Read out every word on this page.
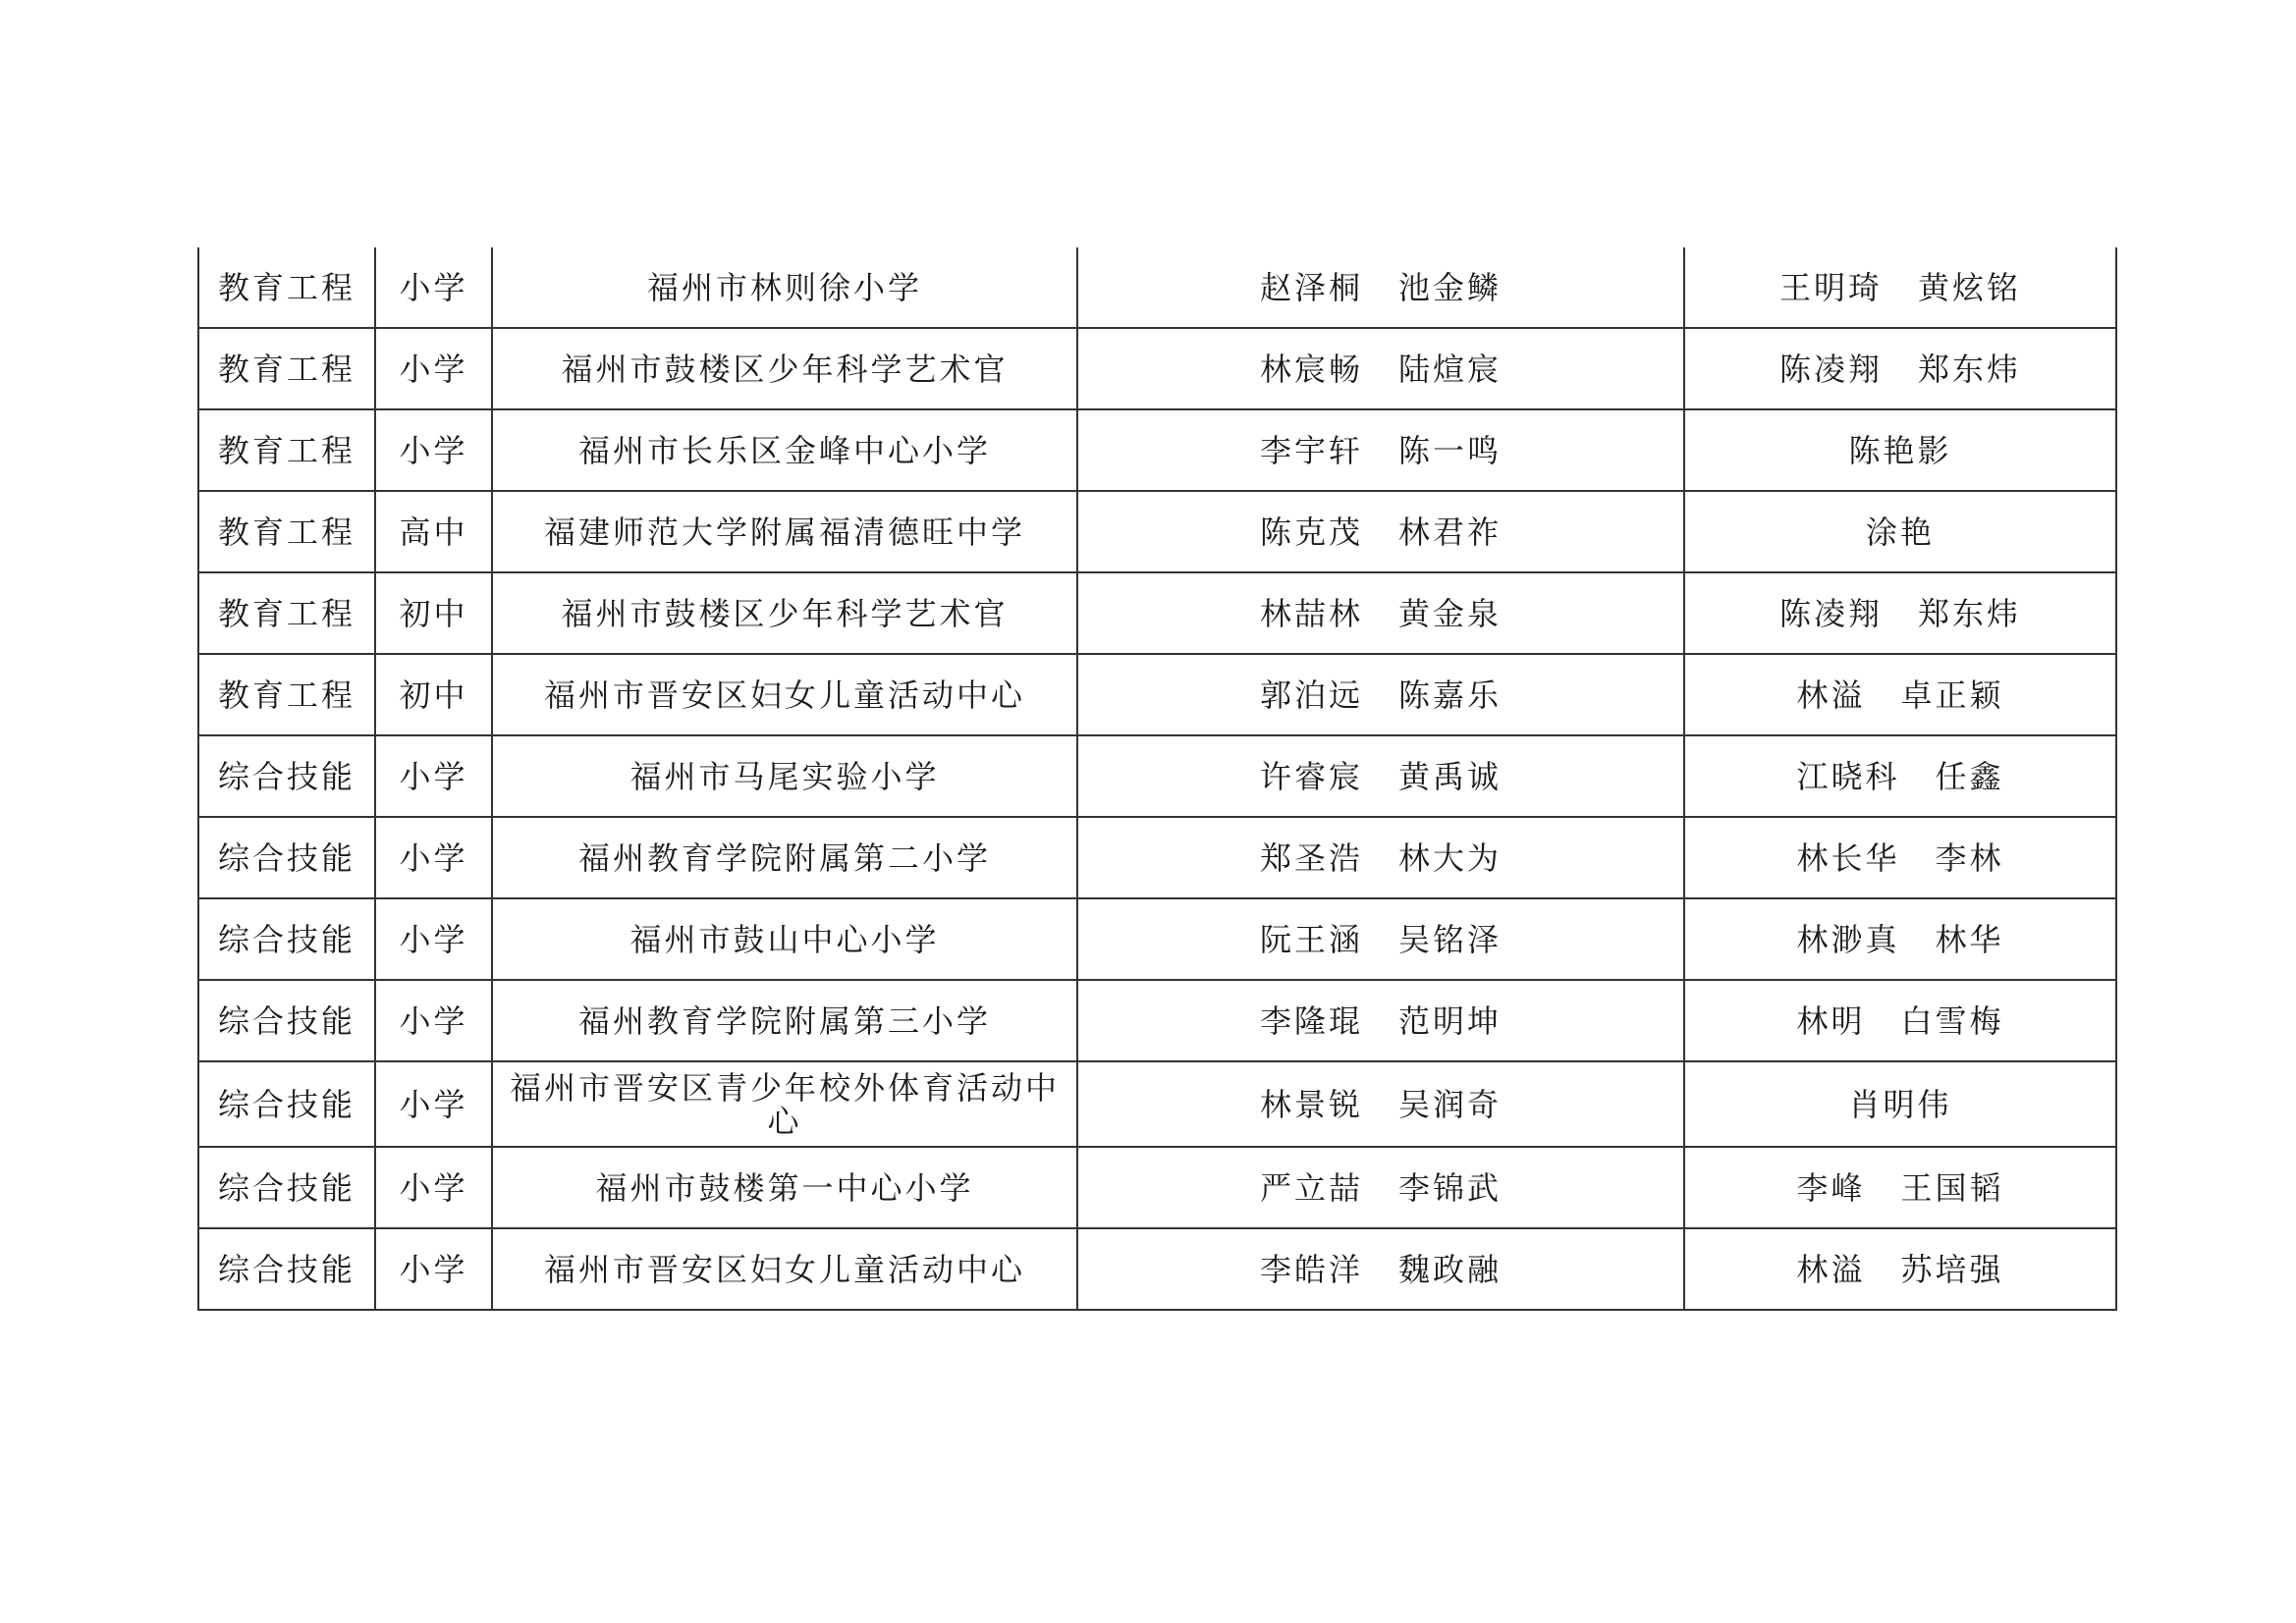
教育工程	小学	福州市林则徐小学	赵泽桐 池金鳞	王明琦 黄炫铭
教育工程	小学	福州市鼓楼区少年科学艺术官	林宸畅 陆煊宸	陈凌翔 郑东炜
教育工程	小学	福州市长乐区金峰中心小学	李宇轩 陈一鸣	陈艳影
教育工程	高中	福建师范大学附属福清德旺中学	陈克茂 林君祚	涂艳
教育工程	初中	福州市鼓楼区少年科学艺术官	林喆林 黄金泉	陈凌翔 郑东炜
教育工程	初中	福州市晋安区妇女儿童活动中心	郭泊远 陈嘉乐	林溢 卓正颖
综合技能	小学	福州市马尾实验小学	许睿宸 黄禹诚	江晓科 任鑫
综合技能	小学	福州教育学院附属第二小学	郑圣浩 林大为	林长华 李林
综合技能	小学	福州市鼓山中心小学	阮王涵 吴铭泽	林渺真 林华
综合技能	小学	福州教育学院附属第三小学	李隆琨 范明坤	林明 白雪梅
综合技能	小学	福州市晋安区青少年校外体育活动中心	林景锐 吴润奇	肖明伟
综合技能	小学	福州市鼓楼第一中心小学	严立喆 李锦武	李峰 王国韬
综合技能	小学	福州市晋安区妇女儿童活动中心	李皓洋 魏政融	林溢 苏培强
